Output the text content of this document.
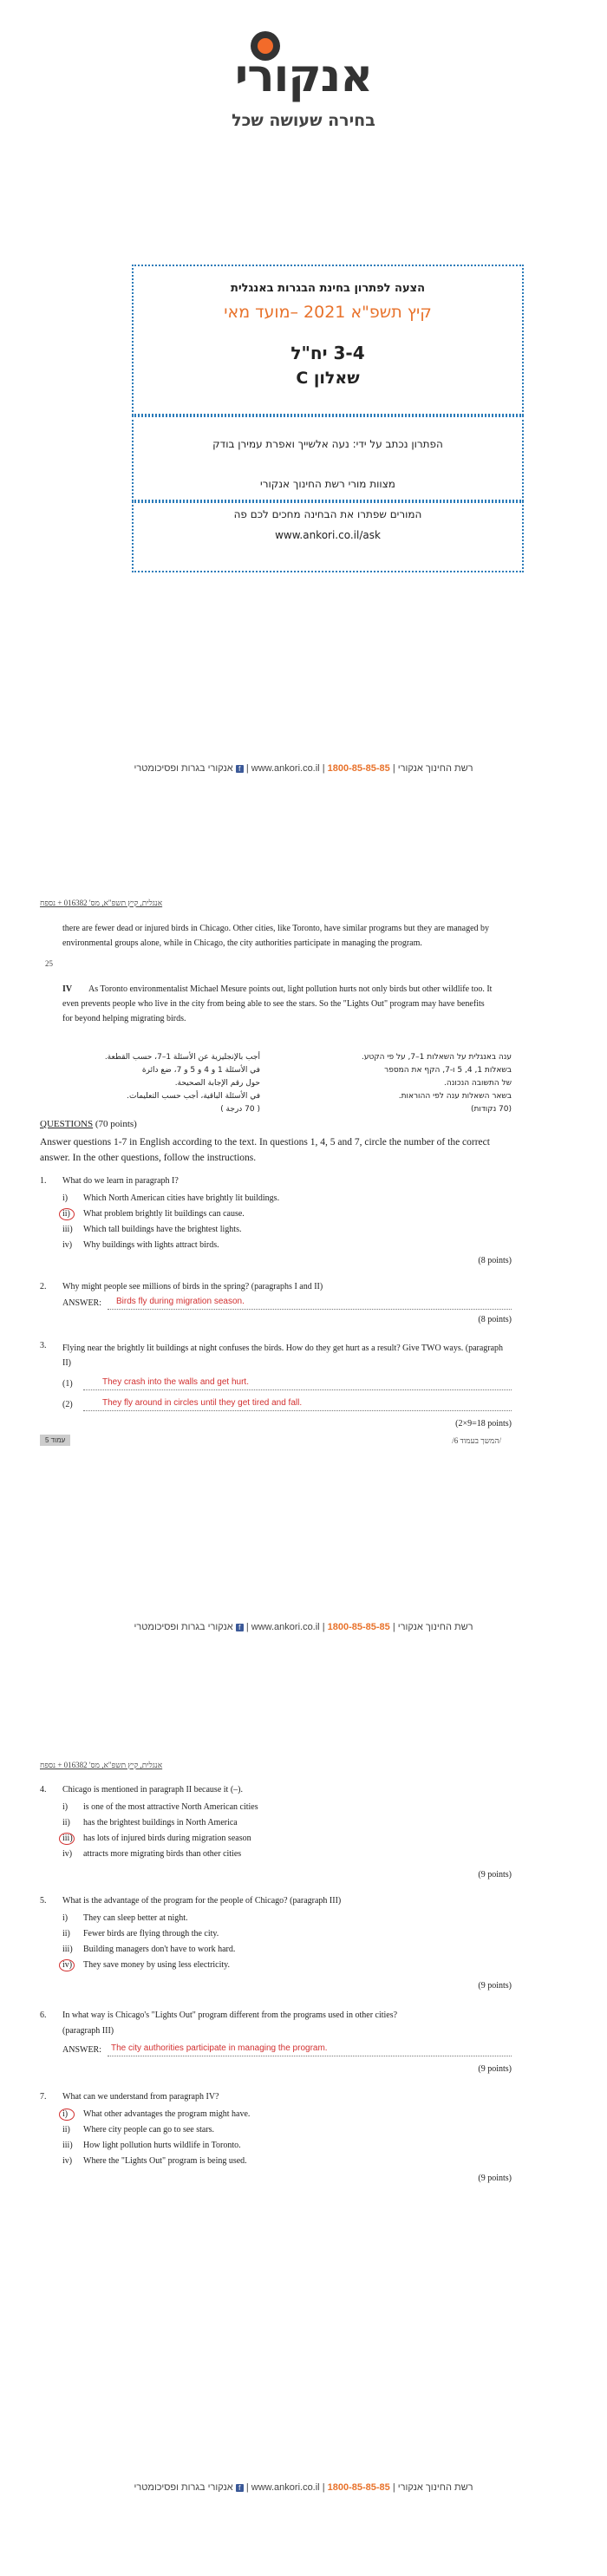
אנקורי
בחירה שעושה שכל
הצעה לפתרון בחינת הבגרות באנגלית
קיץ תשפ"א 2021 –מועד מאי
3-4 יח"ל
שאלון C
הפתרון נכתב על ידי: נעה אלשייך ואפרת עמירן בודק
מצוות מורי רשת החינוך אנקורי
המורים שפתרו את הבחינה מחכים לכם פה
www.ankori.co.il/ask
רשת החינוך אנקורי | 1800-85-85-85 | www.ankori.co.il | f אנקורי בגרות ופסיכומטרי
אנגלית, קיץ תשפ"א, מס' 016382 + נספח
there are fewer dead or injured birds in Chicago. Other cities, like Toronto, have similar programs but they are managed by environmental groups alone, while in Chicago, the city authorities participate in managing the program.
25
IV	As Toronto environmentalist Michael Mesure points out, light pollution hurts not only birds but other wildlife too. It even prevents people who live in the city from being able to see the stars. So the "Lights Out" program may have benefits for beyond helping migrating birds.
ענה באנגלית על השאלות 1–7, על פי הקטע.
בשאלות 1, 4, 5 ו-7, הקף את המספר
של התשובה הנכונה.
בשאר השאלות ענה לפי ההוראות.
(70 נקודות)
أجب بالإنجليزية عن الأسئلة 1–7، حسب القطعة.
في الأسئلة 1 و 4 و 5 و 7، ضع دائرة
حول رقم الإجابة الصحيحة.
في الأسئلة الباقية، أجب حسب التعليمات.
( 70 درجة )
QUESTIONS (70 points)
Answer questions 1-7 in English according to the text. In questions 1, 4, 5 and 7, circle the number of the correct answer. In the other questions, follow the instructions.
1. What do we learn in paragraph I?
i) Which North American cities have brightly lit buildings.
ii) What problem brightly lit buildings can cause.
iii) Which tall buildings have the brightest lights.
iv) Why buildings with lights attract birds.
(8 points)
2. Why might people see millions of birds in the spring? (paragraphs I and II)
ANSWER: Birds fly during migration season.
(8 points)
3. Flying near the brightly lit buildings at night confuses the birds. How do they get hurt as a result? Give TWO ways. (paragraph II)
(1)	They crash into the walls and get hurt.
(2)	They fly around in circles until they get tired and fall.
(2×9=18 points)
עמוד 5	/המשך בעמוד 6/
רשת החינוך אנקורי | 1800-85-85-85 | www.ankori.co.il | f אנקורי בגרות ופסיכומטרי
אנגלית, קיץ תשפ"א, מס' 016382 + נספח
4. Chicago is mentioned in paragraph II because it (–).
i) is one of the most attractive North American cities
ii) has the brightest buildings in North America
iii) has lots of injured birds during migration season
iv) attracts more migrating birds than other cities
(9 points)
5. What is the advantage of the program for the people of Chicago? (paragraph III)
i) They can sleep better at night.
ii) Fewer birds are flying through the city.
iii) Building managers don't have to work hard.
iv) They save money by using less electricity.
(9 points)
6. In what way is Chicago's "Lights Out" program different from the programs used in other cities?
(paragraph III)
ANSWER: The city authorities participate in managing the program.
(9 points)
7. What can we understand from paragraph IV?
i) What other advantages the program might have.
ii) Where city people can go to see stars.
iii) How light pollution hurts wildlife in Toronto.
iv) Where the "Lights Out" program is being used.
(9 points)
רשת החינוך אנקורי | 1800-85-85-85 | www.ankori.co.il | f אנקורי בגרות ופסיכומטרי
